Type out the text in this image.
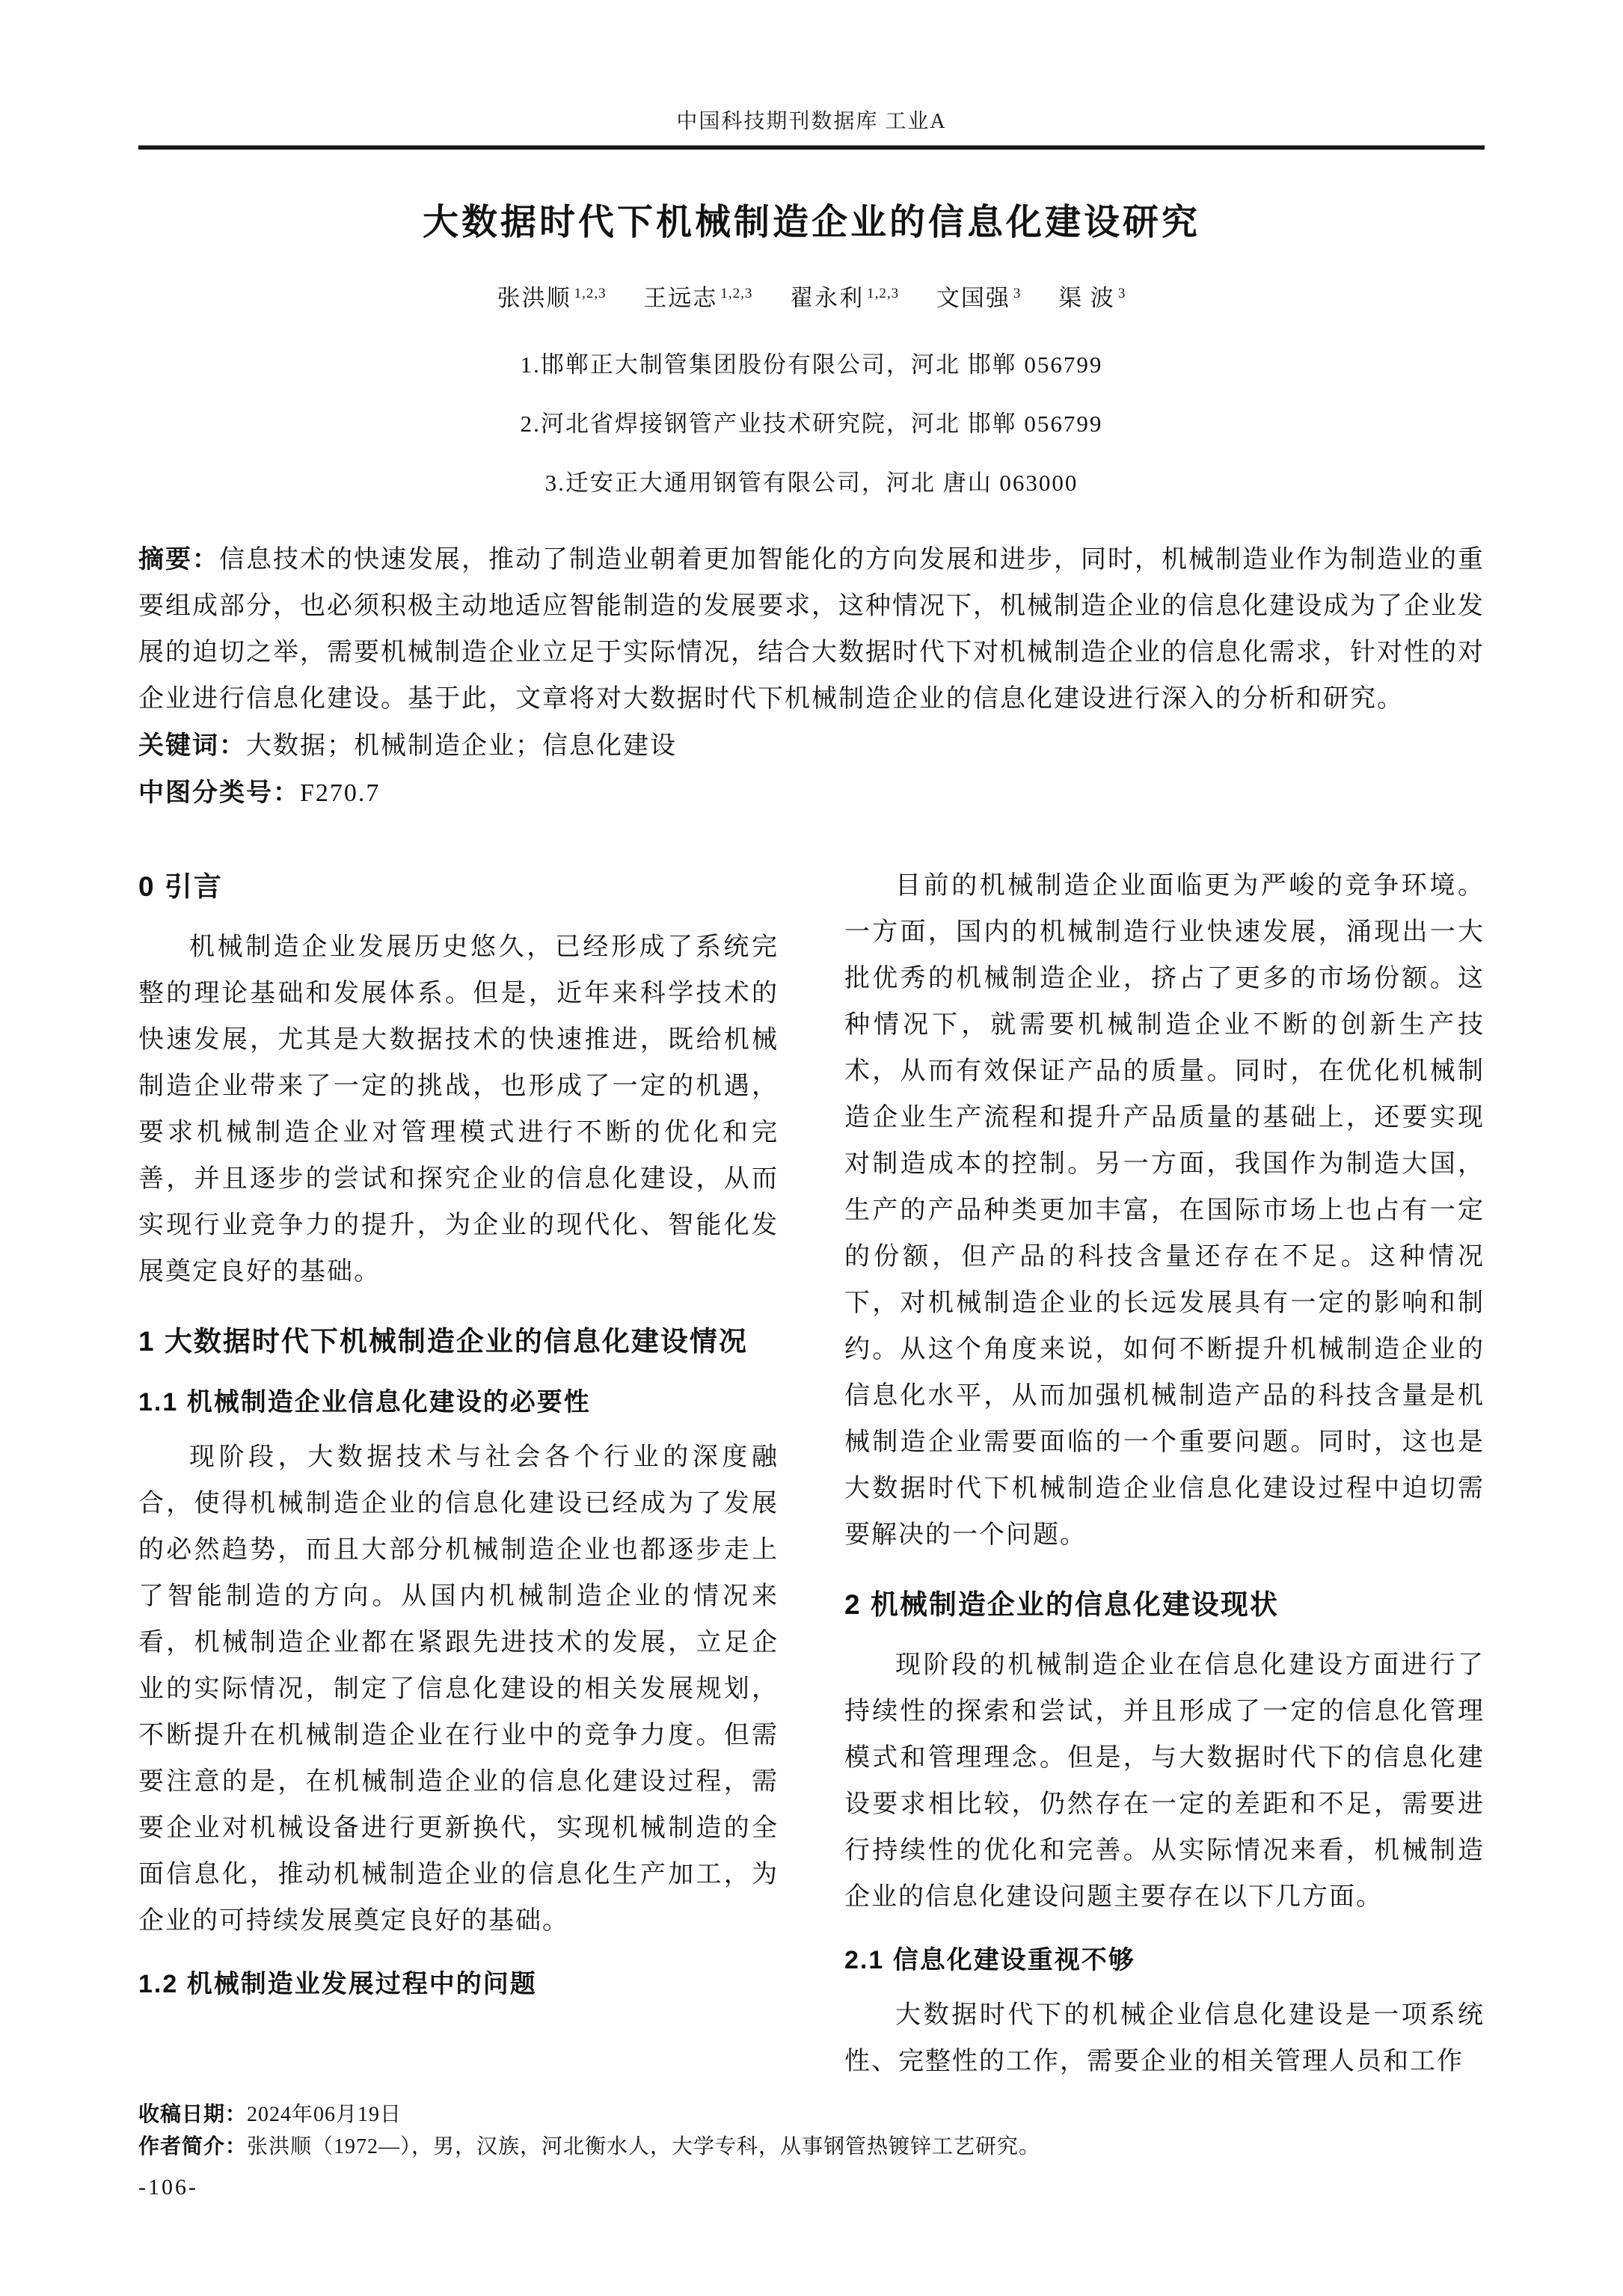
中国科技期刊数据库 工业A
大数据时代下机械制造企业的信息化建设研究
张洪顺 $^{1,2,3}$ 王远志 $^{1,2,3}$ 翟永利 $^{1,2,3}$ 文国强 $^3$ 渠 波 $^3$
1.邯郸正大制管集团股份有限公司，河北 邯郸 056799
2.河北省焊接钢管产业技术研究院，河北 邯郸 056799
3.迁安正大通用钢管有限公司，河北 唐山 063000
摘要：信息技术的快速发展，推动了制造业朝着更加智能化的方向发展和进步，同时，机械制造业作为制造业的重要组成部分，也必须积极主动地适应智能制造的发展要求，这种情况下，机械制造企业的信息化建设成为了企业发展的迫切之举，需要机械制造企业立足于实际情况，结合大数据时代下对机械制造企业的信息化需求，针对性的对企业进行信息化建设。基于此，文章将对大数据时代下机械制造企业的信息化建设进行深入的分析和研究。
关键词：大数据；机械制造企业；信息化建设
中图分类号：F270.7
0 引言

机械制造企业发展历史悠久，已经形成了系统完整的理论基础和发展体系。但是，近年来科学技术的快速发展，尤其是大数据技术的快速推进，既给机械制造企业带来了一定的挑战，也形成了一定的机遇，要求机械制造企业对管理模式进行不断的优化和完善，并且逐步的尝试和探究企业的信息化建设，从而实现行业竞争力的提升，为企业的现代化、智能化发展奠定良好的基础。

1 大数据时代下机械制造企业的信息化建设情况
1.1 机械制造企业信息化建设的必要性

现阶段，大数据技术与社会各个行业的深度融合，使得机械制造企业的信息化建设已经成为了发展的必然趋势，而且大部分机械制造企业也都逐步走上了智能制造的方向。从国内机械制造企业的情况来看，机械制造企业都在紧跟先进技术的发展，立足企业的实际情况，制定了信息化建设的相关发展规划，不断提升在机械制造企业在行业中的竞争力度。但需要注意的是，在机械制造企业的信息化建设过程，需要企业对机械设备进行更新换代，实现机械制造的全面信息化，推动机械制造企业的信息化生产加工，为企业的可持续发展奠定良好的基础。

1.2 机械制造业发展过程中的问题

目前的机械制造企业面临更为严峻的竞争环境。一方面，国内的机械制造行业快速发展，涌现出一大批优秀的机械制造企业，挤占了更多的市场份额。这种情况下，就需要机械制造企业不断的创新生产技术，从而有效保证产品的质量。同时，在优化机械制造企业生产流程和提升产品质量的基础上，还要实现对制造成本的控制。另一方面，我国作为制造大国，生产的产品种类更加丰富，在国际市场上也占有一定的份额，但产品的科技含量还存在不足。这种情况下，对机械制造企业的长远发展具有一定的影响和制约。从这个角度来说，如何不断提升机械制造企业的信息化水平，从而加强机械制造产品的科技含量是机械制造企业需要面临的一个重要问题。同时，这也是大数据时代下机械制造企业信息化建设过程中迫切需要解决的一个问题。

2 机械制造企业的信息化建设现状

现阶段的机械制造企业在信息化建设方面进行了持续性的探索和尝试，并且形成了一定的信息化管理模式和管理理念。但是，与大数据时代下的信息化建设要求相比较，仍然存在一定的差距和不足，需要进行持续性的优化和完善。从实际情况来看，机械制造企业的信息化建设问题主要存在以下几方面。

2.1 信息化建设重视不够

大数据时代下的机械企业信息化建设是一项系统性、完整性的工作，需要企业的相关管理人员和工作

收稿日期：2024年06月19日

作者简介：张洪顺（1972—），男，汉族，河北衡水人，大学专科，从事钢管热镀锌工艺研究。

-106-
